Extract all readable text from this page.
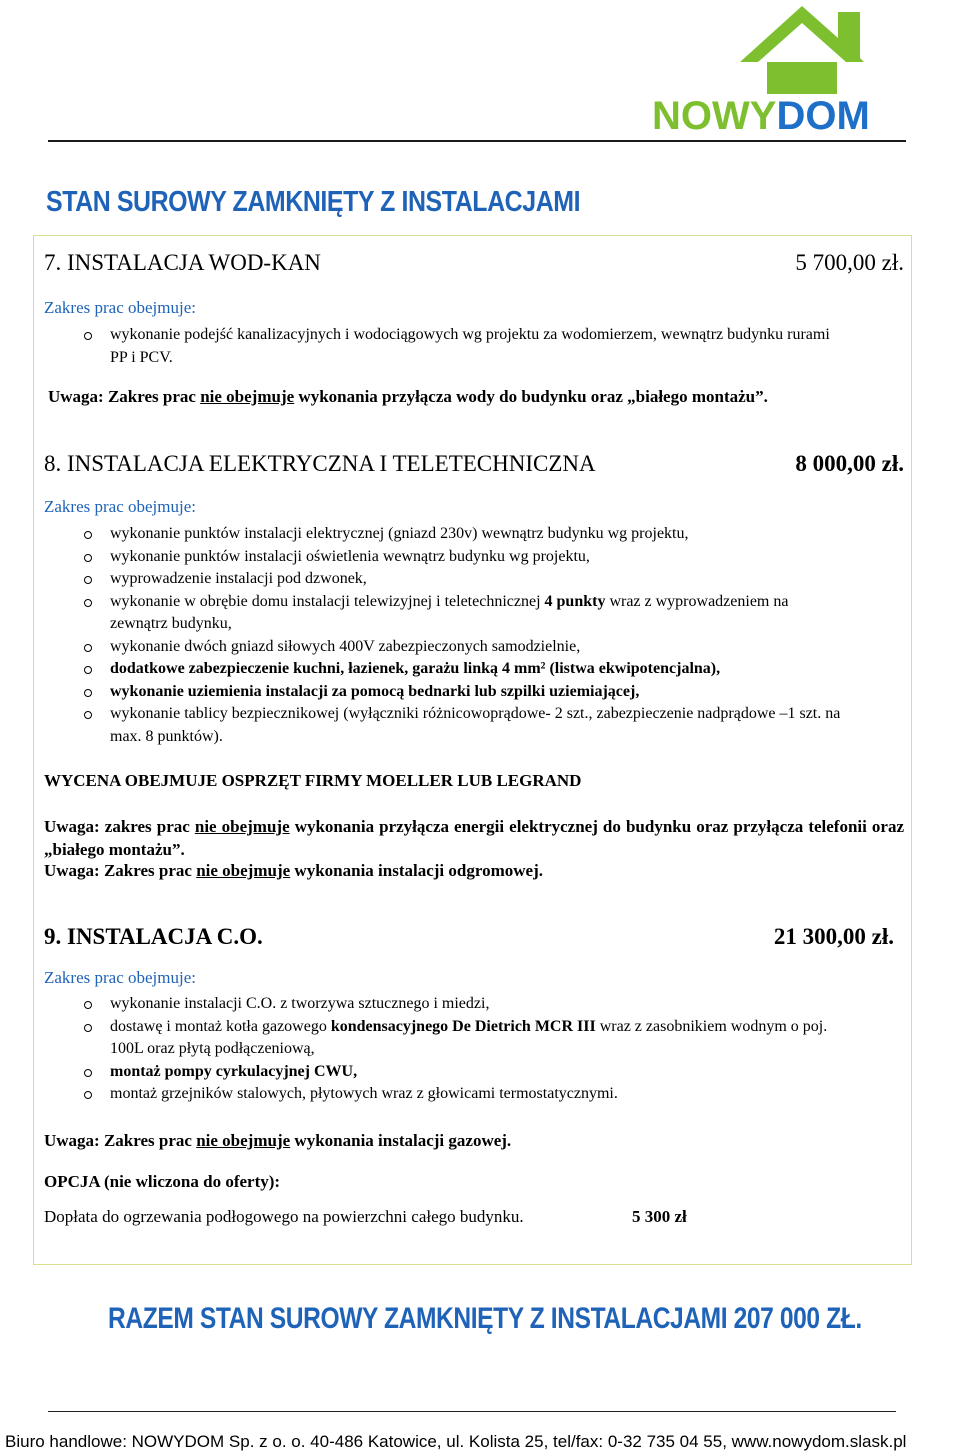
NOWYDOM
STAN SUROWY ZAMKNIĘTY Z INSTALACJAMI
7. INSTALACJA WOD-KAN	5 700,00 zł.
Zakres prac obejmuje:
wykonanie podejść kanalizacyjnych i wodociągowych wg projektu za wodomierzem, wewnątrz budynku rurami PP i PCV.
Uwaga: Zakres prac nie obejmuje wykonania przyłącza wody do budynku oraz „białego montażu”.
8. INSTALACJA ELEKTRYCZNA I TELETECHNICZNA	8 000,00 zł.
Zakres prac obejmuje:
wykonanie punktów instalacji elektrycznej (gniazd 230v) wewnątrz budynku wg projektu,
wykonanie punktów instalacji oświetlenia wewnątrz budynku wg projektu,
wyprowadzenie instalacji pod dzwonek,
wykonanie w obrębie domu instalacji telewizyjnej i teletechnicznej 4 punkty wraz z wyprowadzeniem na zewnątrz budynku,
wykonanie dwóch gniazd siłowych 400V zabezpieczonych samodzielnie,
dodatkowe zabezpieczenie kuchni, łazienek, garażu linką 4 mm² (listwa ekwipotencjalna),
wykonanie uziemienia instalacji za pomocą bednarki lub szpilki uziemiającej,
wykonanie tablicy bezpiecznikowej (wyłączniki różnicowoprądowe- 2 szt., zabezpieczenie nadprądowe –1 szt. na max. 8 punktów).
WYCENA OBEJMUJE OSPRZĘT FIRMY MOELLER LUB LEGRAND
Uwaga: zakres prac nie obejmuje wykonania przyłącza energii elektrycznej do budynku oraz przyłącza telefonii oraz „białego montażu”.
Uwaga: Zakres prac nie obejmuje wykonania instalacji odgromowej.
9. INSTALACJA C.O.	21 300,00 zł.
Zakres prac obejmuje:
wykonanie instalacji C.O. z tworzywa sztucznego i miedzi,
dostawę i montaż kotła gazowego kondensacyjnego De Dietrich MCR III wraz z zasobnikiem wodnym o poj. 100L oraz płytą podłączeniową,
montaż pompy cyrkulacyjnej CWU,
montaż grzejników stalowych, płytowych wraz z głowicami termostatycznymi.
Uwaga: Zakres prac nie obejmuje wykonania instalacji gazowej.
OPCJA (nie wliczona do oferty):
Dopłata do ogrzewania podłogowego na powierzchni całego budynku.	5 300 zł
RAZEM STAN SUROWY ZAMKNIĘTY Z INSTALACJAMI 207 000 ZŁ.
Biuro handlowe: NOWYDOM Sp. z o. o. 40-486 Katowice, ul. Kolista 25, tel/fax: 0-32 735 04 55, www.nowydom.slask.pl
